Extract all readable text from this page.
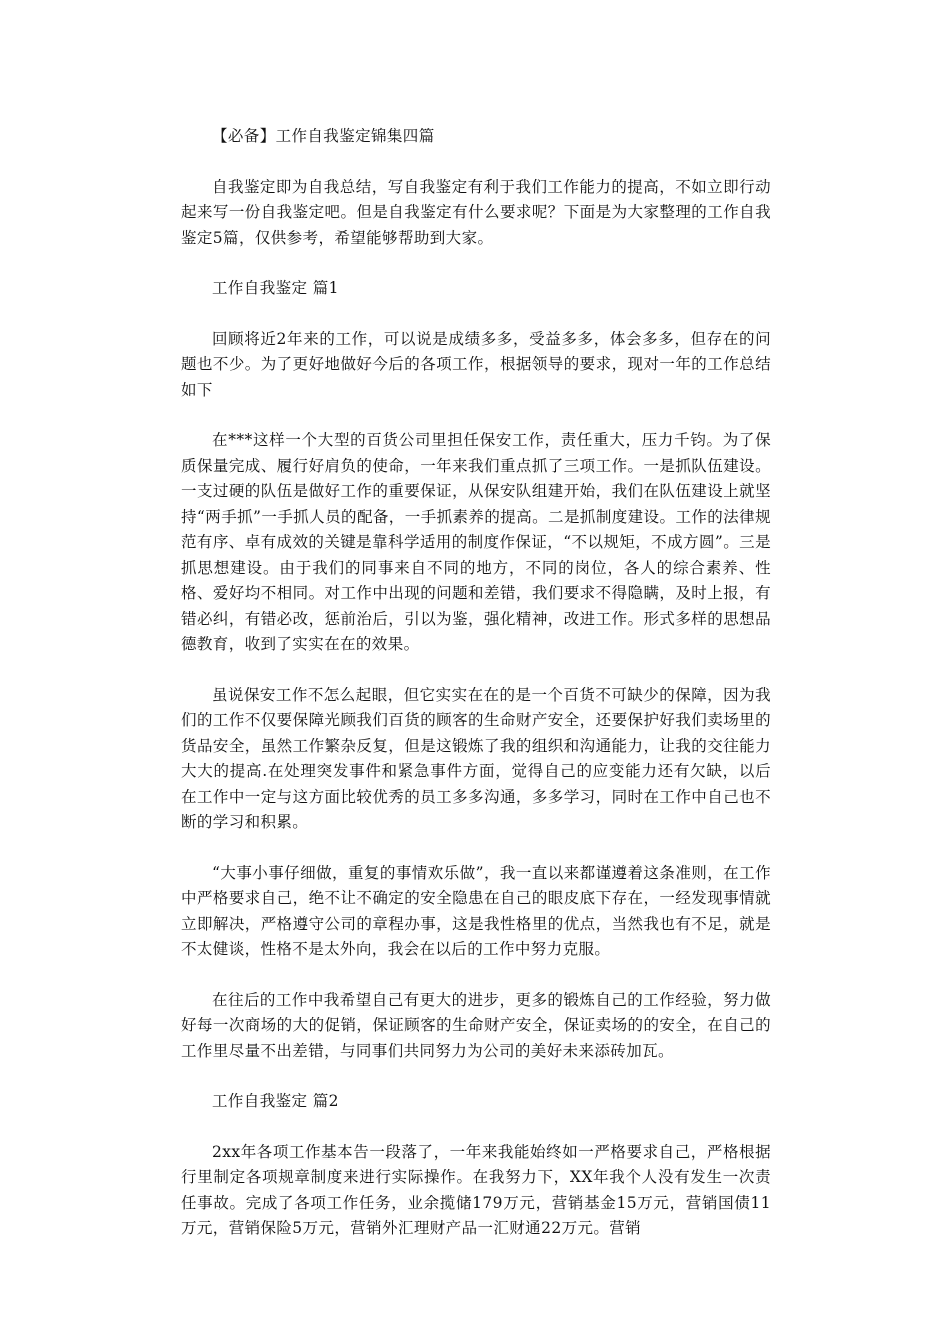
【必备】工作自我鉴定锦集四篇

自我鉴定即为自我总结，写自我鉴定有利于我们工作能力的提高，不如立即行动起来写一份自我鉴定吧。但是自我鉴定有什么要求呢？下面是为大家整理的工作自我鉴定5篇，仅供参考，希望能够帮助到大家。

工作自我鉴定 篇1

回顾将近2年来的工作，可以说是成绩多多，受益多多，体会多多，但存在的问题也不少。为了更好地做好今后的各项工作，根据领导的要求，现对一年的工作总结如下

在***这样一个大型的百货公司里担任保安工作，责任重大，压力千钧。为了保质保量完成、履行好肩负的使命，一年来我们重点抓了三项工作。一是抓队伍建设。一支过硬的队伍是做好工作的重要保证，从保安队组建开始，我们在队伍建设上就坚持“两手抓”一手抓人员的配备，一手抓素养的提高。二是抓制度建设。工作的法律规范有序、卓有成效的关键是靠科学适用的制度作保证，“不以规矩，不成方圆”。三是抓思想建设。由于我们的同事来自不同的地方，不同的岗位，各人的综合素养、性格、爱好均不相同。对工作中出现的问题和差错，我们要求不得隐瞒，及时上报，有错必纠，有错必改，惩前治后，引以为鉴，强化精神，改进工作。形式多样的思想品德教育，收到了实实在在的效果。

虽说保安工作不怎么起眼，但它实实在在的是一个百货不可缺少的保障，因为我们的工作不仅要保障光顾我们百货的顾客的生命财产安全，还要保护好我们卖场里的货品安全，虽然工作繁杂反复，但是这锻炼了我的组织和沟通能力，让我的交往能力大大的提高.在处理突发事件和紧急事件方面，觉得自己的应变能力还有欠缺，以后在工作中一定与这方面比较优秀的员工多多沟通，多多学习，同时在工作中自己也不断的学习和积累。

“大事小事仔细做，重复的事情欢乐做”，我一直以来都谨遵着这条准则，在工作中严格要求自己，绝不让不确定的安全隐患在自己的眼皮底下存在，一经发现事情就立即解决，严格遵守公司的章程办事，这是我性格里的优点，当然我也有不足，就是不太健谈，性格不是太外向，我会在以后的工作中努力克服。

在往后的工作中我希望自己有更大的进步，更多的锻炼自己的工作经验，努力做好每一次商场的大的促销，保证顾客的生命财产安全，保证卖场的的安全，在自己的工作里尽量不出差错，与同事们共同努力为公司的美好未来添砖加瓦。

工作自我鉴定 篇2

2xx年各项工作基本告一段落了，一年来我能始终如一严格要求自己，严格根据行里制定各项规章制度来进行实际操作。在我努力下，XX年我个人没有发生一次责任事故。完成了各项工作任务，业余揽储179万元，营销基金15万元，营销国债11万元，营销保险5万元，营销外汇理财产品一汇财通22万元。营销
